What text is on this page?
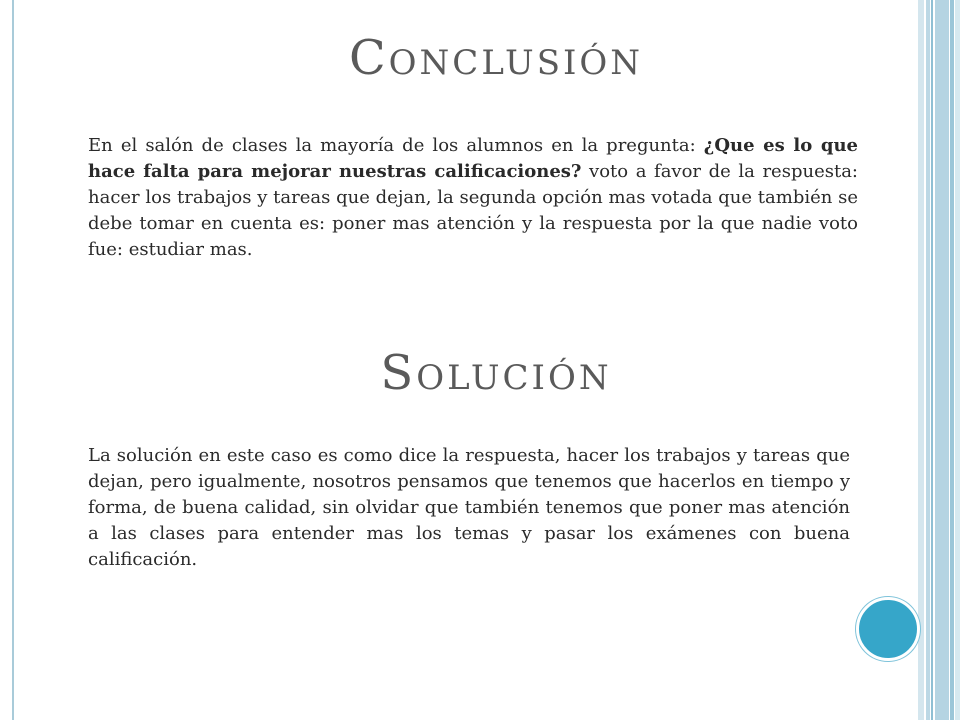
Conclusión

En el salón de clases la mayoría de los alumnos en la pregunta: ¿Que es lo que hace falta para mejorar nuestras calificaciones? voto a favor de la respuesta: hacer los trabajos y tareas que dejan, la segunda opción mas votada que también se debe tomar en cuenta es: poner mas atención y la respuesta por la que nadie voto fue: estudiar mas.

Solución

La solución en este caso es como dice la respuesta, hacer los trabajos y tareas que dejan, pero igualmente, nosotros pensamos que tenemos que hacerlos en tiempo y forma, de buena calidad, sin olvidar que también tenemos que poner mas atención a las clases para entender mas los temas y pasar los exámenes con buena calificación.
